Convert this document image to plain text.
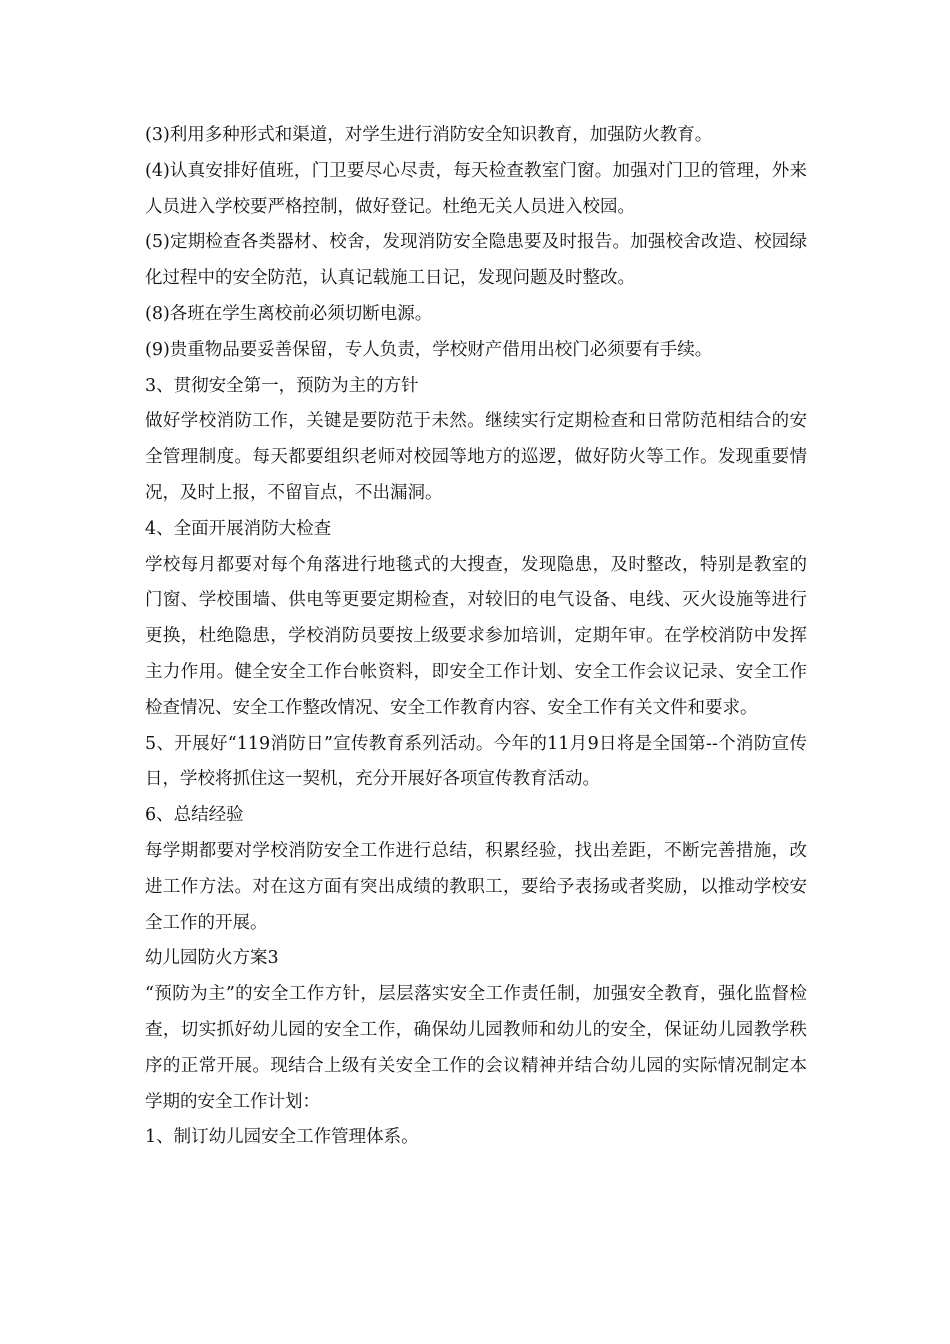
(3)利用多种形式和渠道，对学生进行消防安全知识教育，加强防火教育。

(4)认真安排好值班，门卫要尽心尽责，每天检查教室门窗。加强对门卫的管理，外来人员进入学校要严格控制，做好登记。杜绝无关人员进入校园。

(5)定期检查各类器材、校舍，发现消防安全隐患要及时报告。加强校舍改造、校园绿化过程中的安全防范，认真记载施工日记，发现问题及时整改。

(8)各班在学生离校前必须切断电源。

(9)贵重物品要妥善保留，专人负责，学校财产借用出校门必须要有手续。

3、贯彻安全第一，预防为主的方针

做好学校消防工作，关键是要防范于未然。继续实行定期检查和日常防范相结合的安全管理制度。每天都要组织老师对校园等地方的巡逻，做好防火等工作。发现重要情况，及时上报，不留盲点，不出漏洞。

4、全面开展消防大检查

学校每月都要对每个角落进行地毯式的大搜查，发现隐患，及时整改，特别是教室的门窗、学校围墙、供电等更要定期检查，对较旧的电气设备、电线、灭火设施等进行更换，杜绝隐患，学校消防员要按上级要求参加培训，定期年审。在学校消防中发挥主力作用。健全安全工作台帐资料，即安全工作计划、安全工作会议记录、安全工作检查情况、安全工作整改情况、安全工作教育内容、安全工作有关文件和要求。

5、开展好“119消防日”宣传教育系列活动。今年的11月9日将是全国第--个消防宣传日，学校将抓住这一契机，充分开展好各项宣传教育活动。

6、总结经验

每学期都要对学校消防安全工作进行总结，积累经验，找出差距，不断完善措施，改进工作方法。对在这方面有突出成绩的教职工，要给予表扬或者奖励，以推动学校安全工作的开展。

幼儿园防火方案3

“预防为主”的安全工作方针，层层落实安全工作责任制，加强安全教育，强化监督检查，切实抓好幼儿园的安全工作，确保幼儿园教师和幼儿的安全，保证幼儿园教学秩序的正常开展。现结合上级有关安全工作的会议精神并结合幼儿园的实际情况制定本学期的安全工作计划：

1、制订幼儿园安全工作管理体系。
